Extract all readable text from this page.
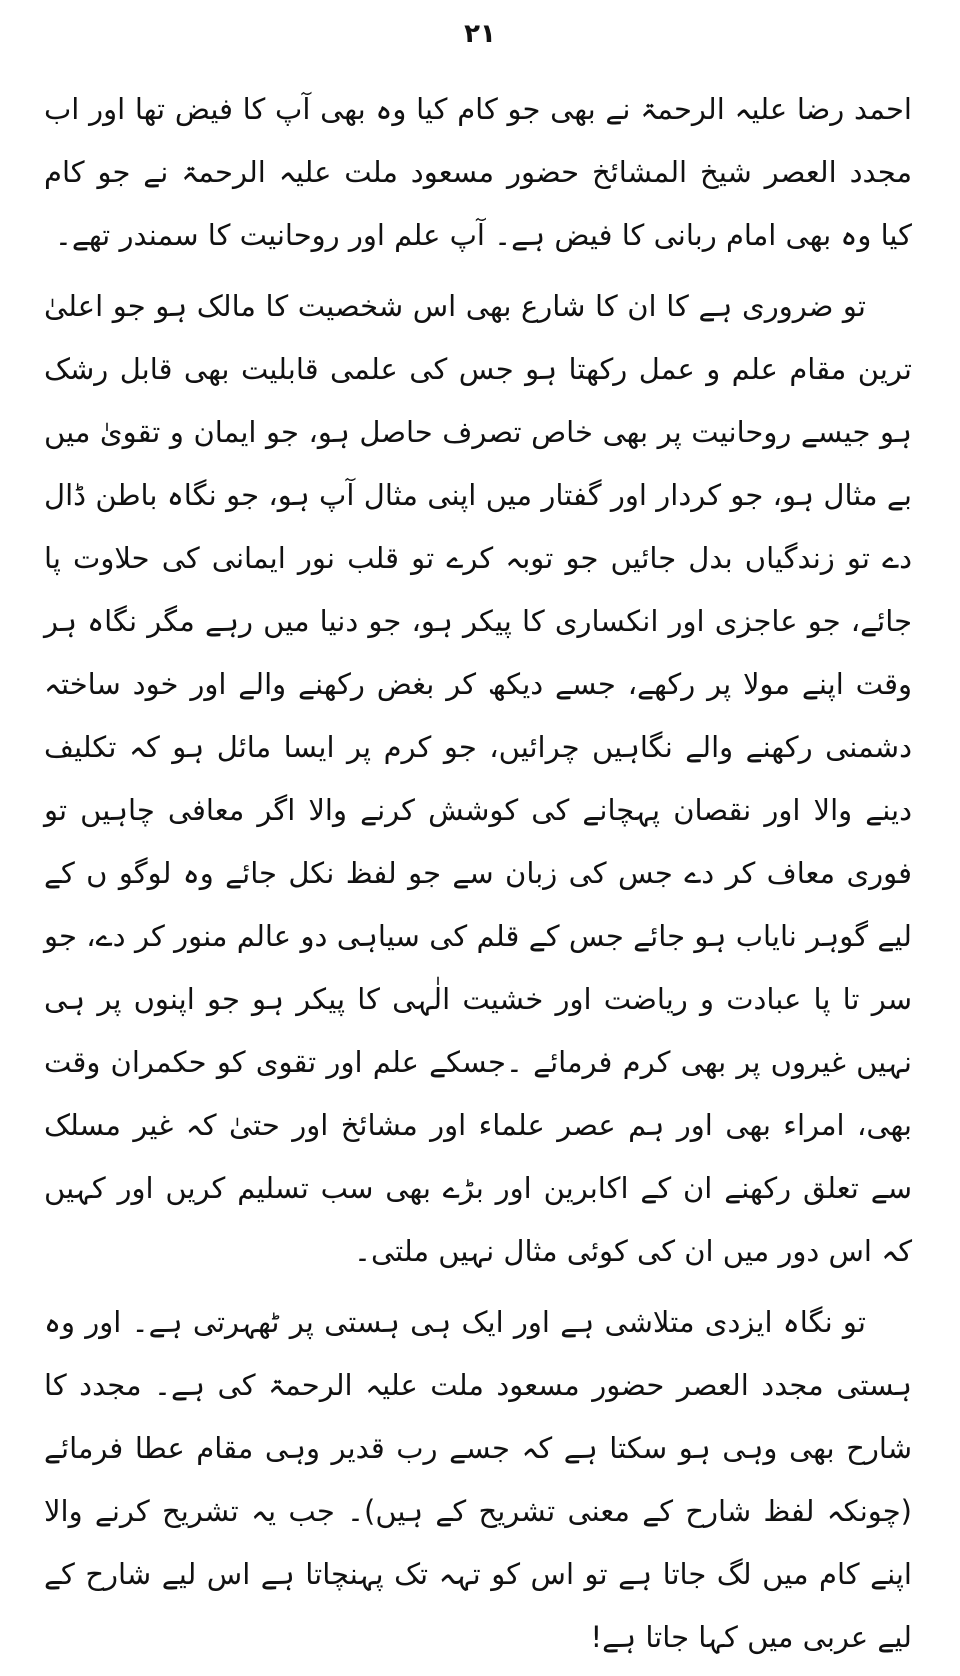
۲۱

احمد رضا علیہ الرحمۃ نے بھی جو کام کیا وہ بھی آپ کا فیض تھا اور اب مجدد العصر شیخ المشائخ حضور مسعود ملت علیہ الرحمۃ نے جو کام کیا وہ بھی امام ربانی کا فیض ہے۔ آپ علم اور روحانیت کا سمندر تھے۔

تو ضروری ہے کا ان کا شارع بھی اس شخصیت کا مالک ہو جو اعلیٰ ترین مقام علم و عمل رکھتا ہو جس کی علمی قابلیت بھی قابل رشک ہو جیسے روحانیت پر بھی خاص تصرف حاصل ہو، جو ایمان و تقویٰ میں بے مثال ہو، جو کردار اور گفتار میں اپنی مثال آپ ہو، جو نگاہ باطن ڈال دے تو زندگیاں بدل جائیں جو توبہ کرے تو قلب نور ایمانی کی حلاوت پا جائے، جو عاجزی اور انکساری کا پیکر ہو، جو دنیا میں رہے مگر نگاہ ہر وقت اپنے مولا پر رکھے، جسے دیکھ کر بغض رکھنے والے اور خود ساختہ دشمنی رکھنے والے نگاہیں چرائیں، جو کرم پر ایسا مائل ہو کہ تکلیف دینے والا اور نقصان پہچانے کی کوشش کرنے والا اگر معافی چاہیں تو فوری معاف کر دے جس کی زبان سے جو لفظ نکل جائے وہ لوگو ں کے لیے گوہر نایاب ہو جائے جس کے قلم کی سیاہی دو عالم منور کر دے، جو سر تا پا عبادت و ریاضت اور خشیت الٰہی کا پیکر ہو جو اپنوں پر ہی نہیں غیروں پر بھی کرم فرمائے ۔جسکے علم اور تقوی کو حکمران وقت بھی، امراء بھی اور ہم عصر علماء اور مشائخ اور حتیٰ کہ غیر مسلک سے تعلق رکھنے ان کے اکابرین اور بڑے بھی سب تسلیم کریں اور کہیں کہ اس دور میں ان کی کوئی مثال نہیں ملتی۔

تو نگاہ ایزدی متلاشی ہے اور ایک ہی ہستی پر ٹھہرتی ہے۔ اور وہ ہستی مجدد العصر حضور مسعود ملت علیہ الرحمۃ کی ہے۔ مجدد کا شارح بھی وہی ہو سکتا ہے کہ جسے رب قدیر وہی مقام عطا فرمائے (چونکہ لفظ شارح کے معنی تشریح کے ہیں)۔ جب یہ تشریح کرنے والا اپنے کام میں لگ جاتا ہے تو اس کو تہہ تک پہنچاتا ہے اس لیے شارح کے لیے عربی میں کہا جاتا ہے!
